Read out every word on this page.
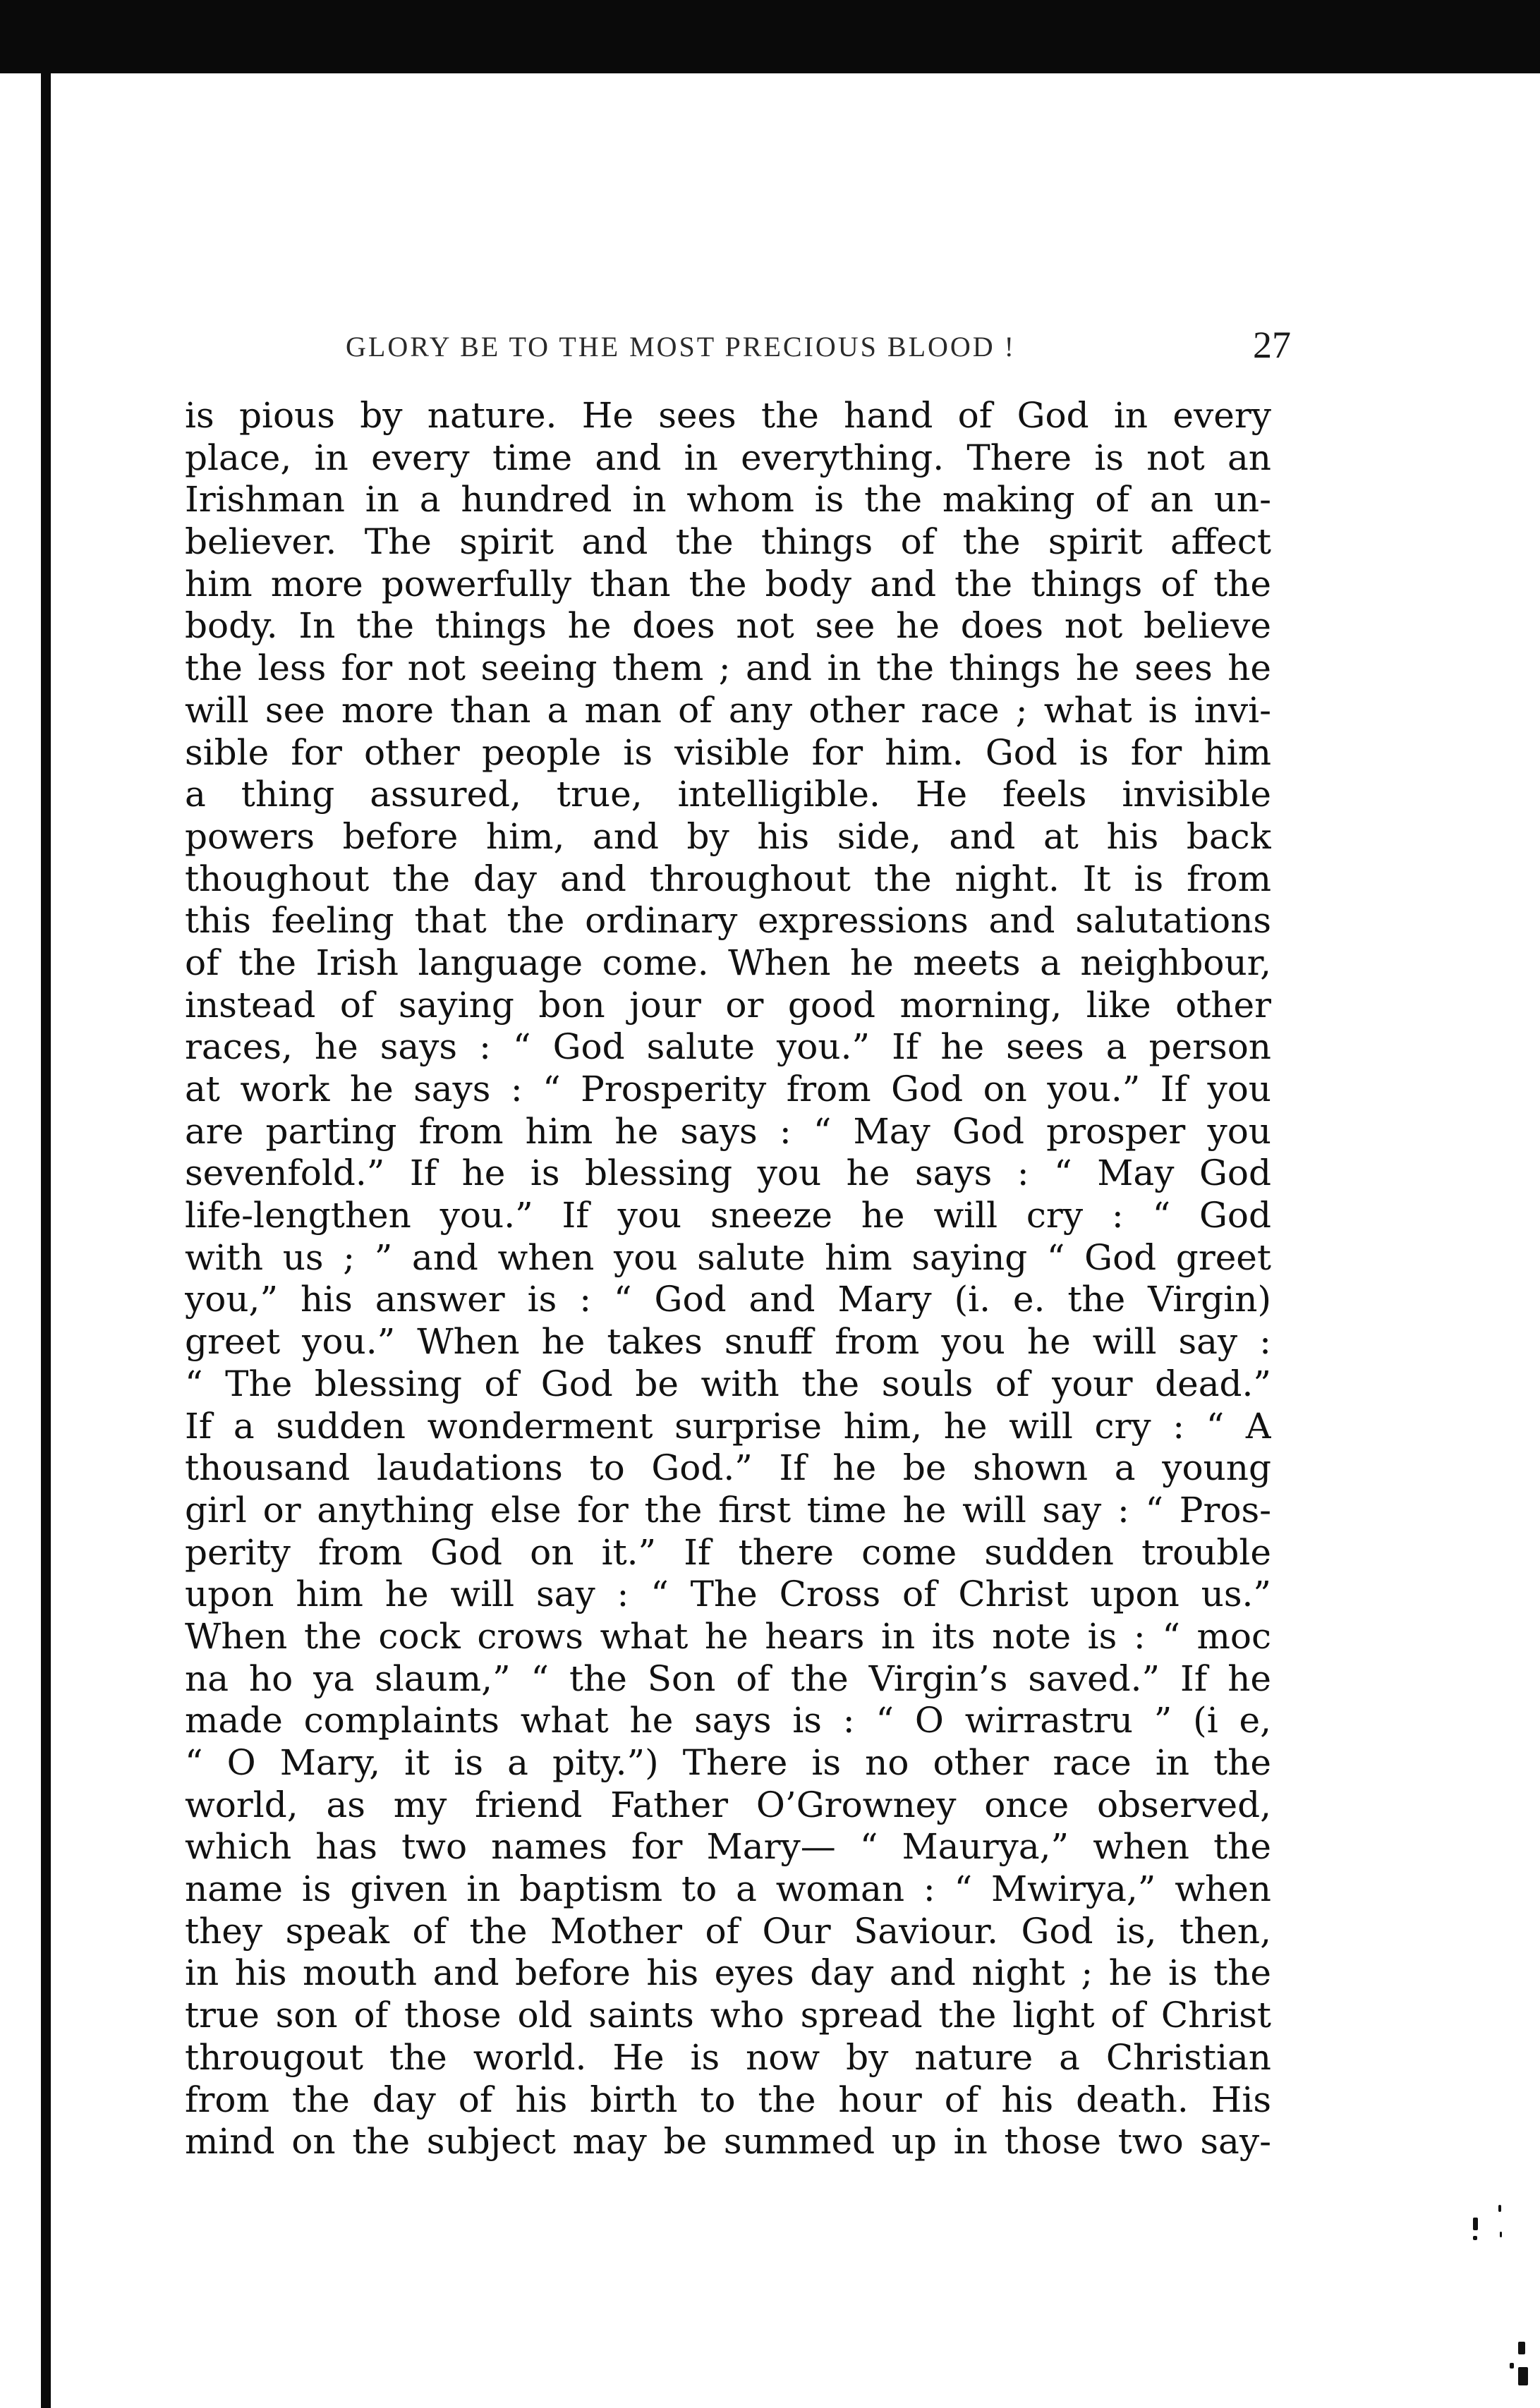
GLORY BE TO THE MOST PRECIOUS BLOOD !	27
is pious by nature. He sees the hand of God in every
place, in every time and in everything. There is not an
Irishman in a hundred in whom is the making of an un-
believer. The spirit and the things of the spirit affect
him more powerfully than the body and the things of the
body. In the things he does not see he does not believe
the less for not seeing them ; and in the things he sees he
will see more than a man of any other race ; what is invi-
sible for other people is visible for him. God is for him
a thing assured, true, intelligible. He feels invisible
powers before him, and by his side, and at his back
thoughout the day and throughout the night. It is from
this feeling that the ordinary expressions and salutations
of the Irish language come. When he meets a neighbour,
instead of saying bon jour or good morning, like other
races, he says : “ God salute you.” If he sees a person
at work he says : “ Prosperity from God on you.” If you
are parting from him he says : “ May God prosper you
sevenfold.” If he is blessing you he says : “ May God
life-lengthen you.” If you sneeze he will cry : “ God
with us ; ” and when you salute him saying “ God greet
you,” his answer is : “ God and Mary (i. e. the Virgin)
greet you.” When he takes snuff from you he will say :
“ The blessing of God be with the souls of your dead.”
If a sudden wonderment surprise him, he will cry : “ A
thousand laudations to God.” If he be shown a young
girl or anything else for the first time he will say : “ Pros-
perity from God on it.” If there come sudden trouble
upon him he will say : “ The Cross of Christ upon us.”
When the cock crows what he hears in its note is : “ moc
na ho ya slaum,” “ the Son of the Virgin’s saved.” If he
made complaints what he says is : “ O wirrastru ” (i e,
“ O Mary, it is a pity.”) There is no other race in the
world, as my friend Father O’Growney once observed,
which has two names for Mary— “ Maurya,” when the
name is given in baptism to a woman : “ Mwirya,” when
they speak of the Mother of Our Saviour. God is, then,
in his mouth and before his eyes day and night ; he is the
true son of those old saints who spread the light of Christ
througout the world. He is now by nature a Christian
from the day of his birth to the hour of his death. His
mind on the subject may be summed up in those two say-
